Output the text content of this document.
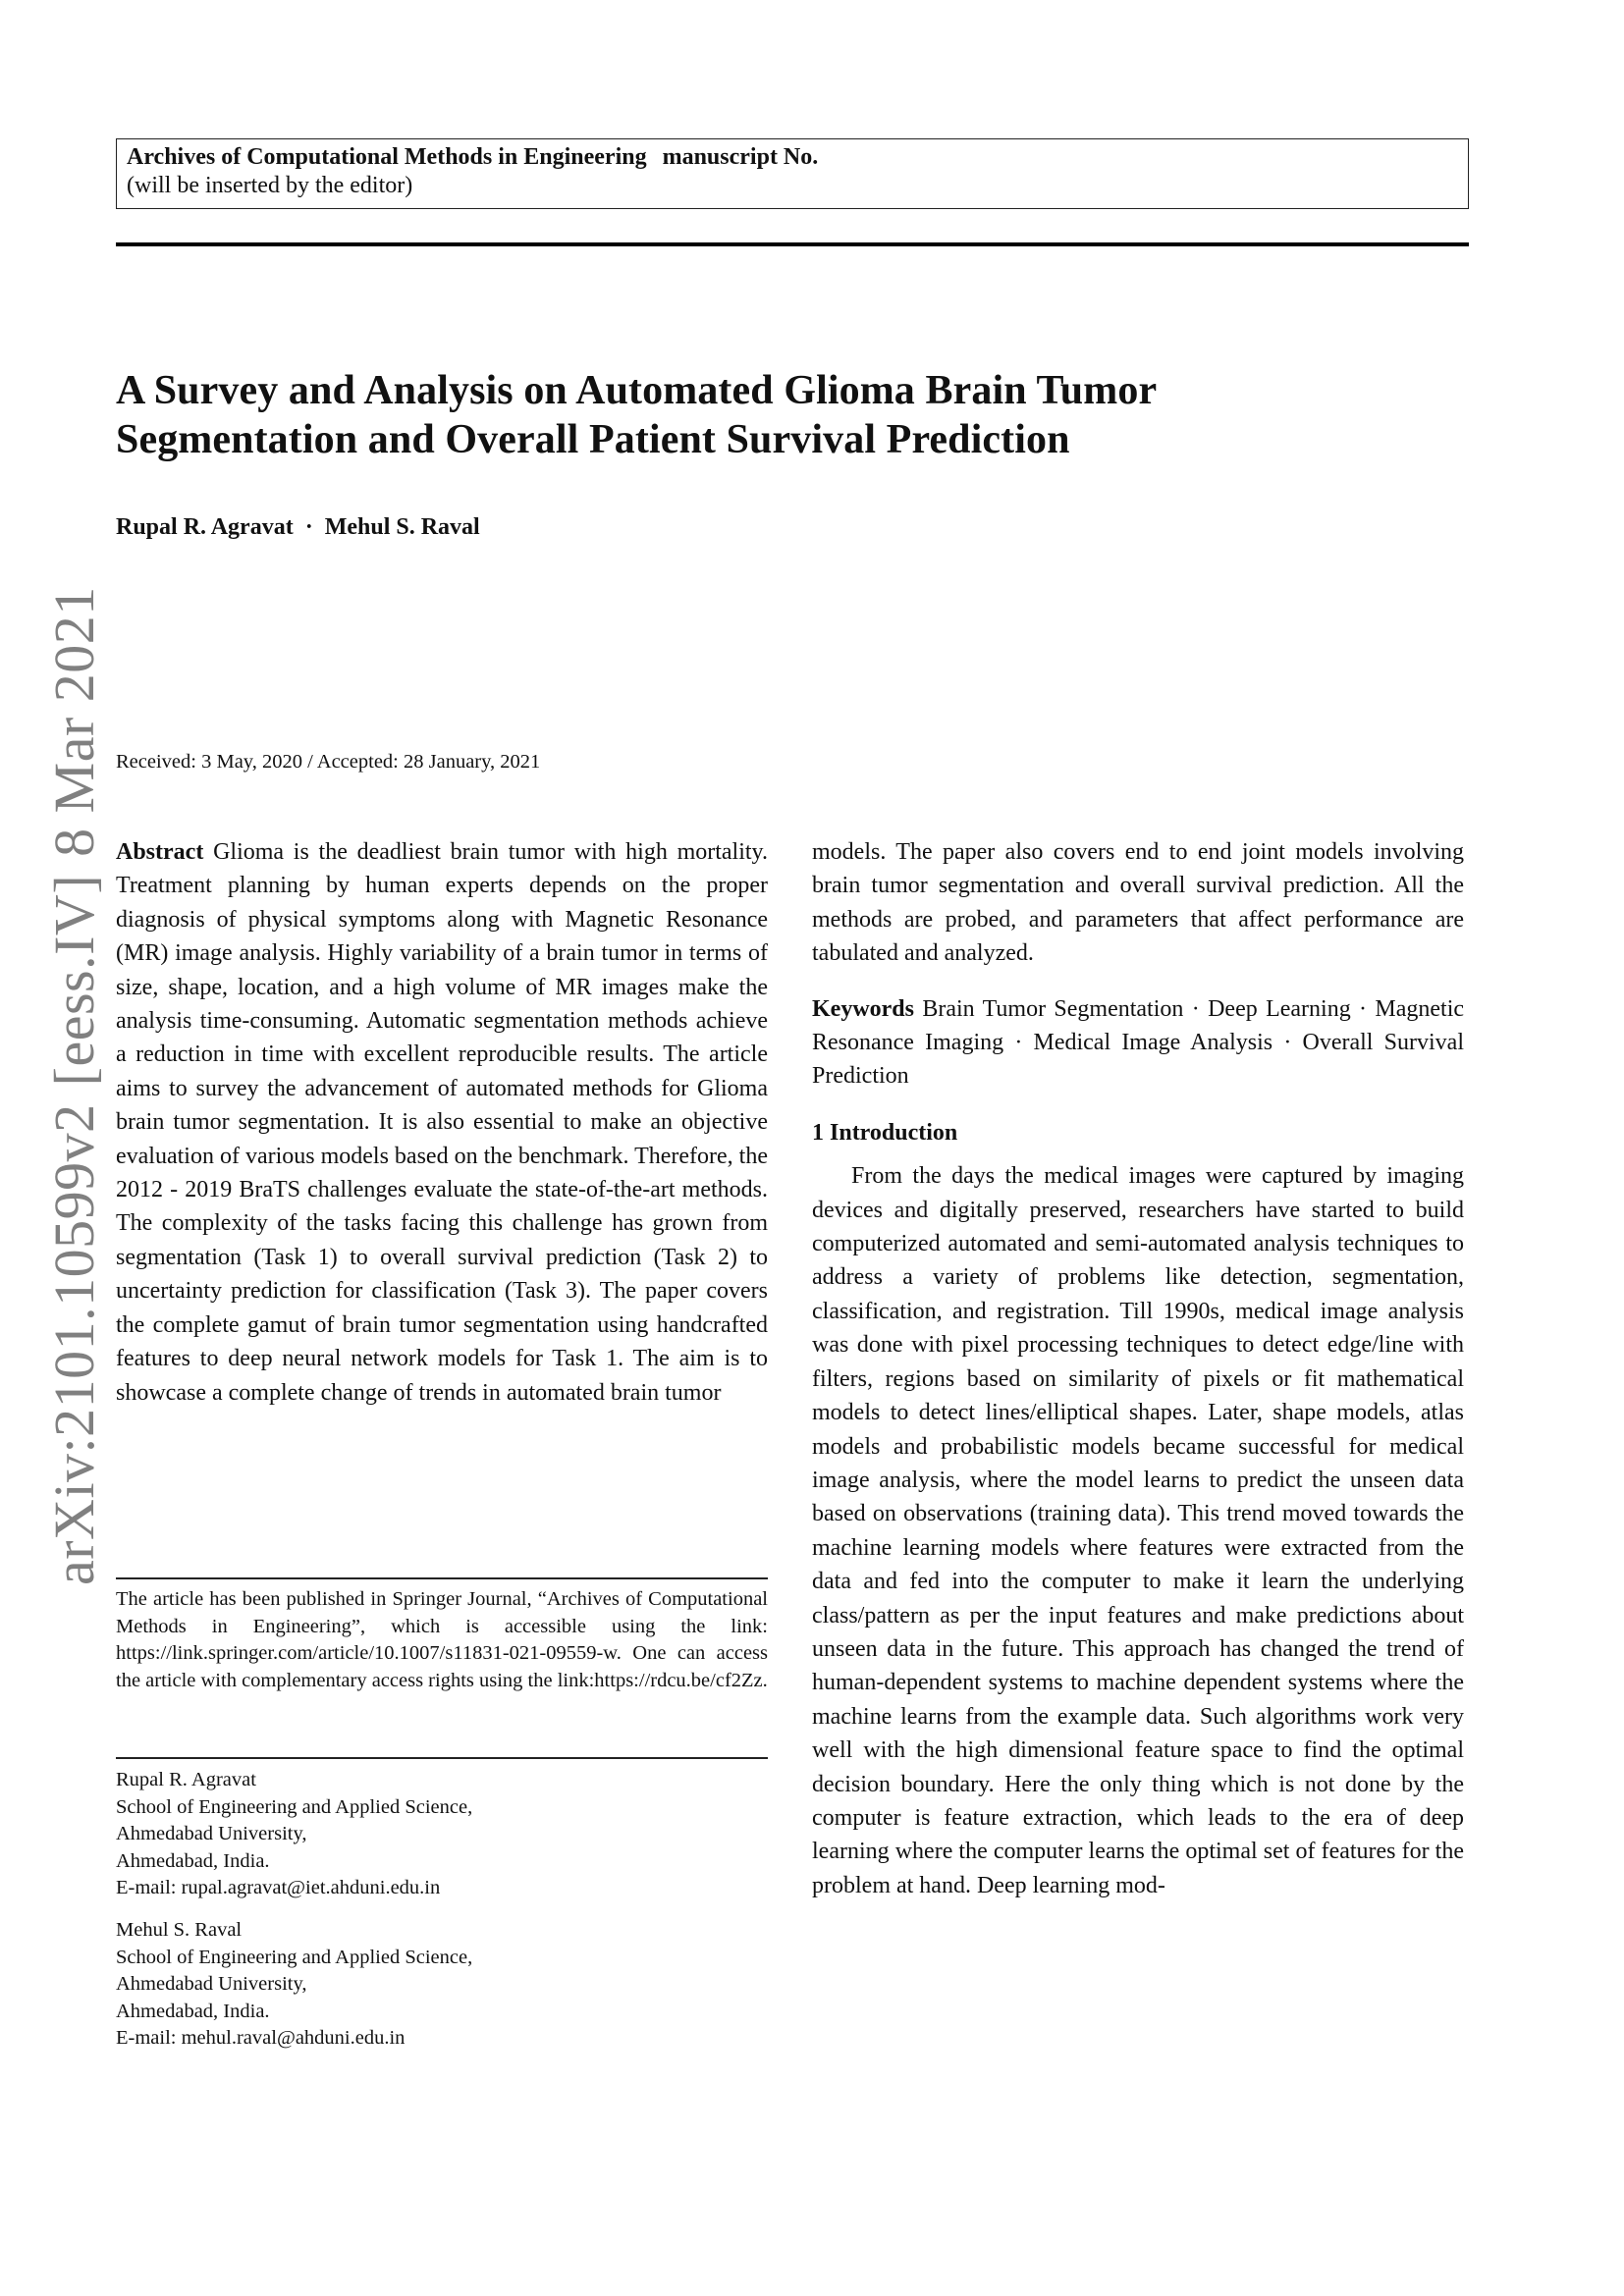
Archives of Computational Methods in Engineering manuscript No.
(will be inserted by the editor)
A Survey and Analysis on Automated Glioma Brain Tumor
Segmentation and Overall Patient Survival Prediction
Rupal R. Agravat · Mehul S. Raval
arXiv:2101.10599v2[eess.IV]8 Mar 2021 Received: 3 May, 2020 / Accepted: 28 January, 2021

Abstract Glioma is the deadliest brain tumor with high mortality. Treatment planning by human experts depends on the proper diagnosis of physical symptoms along with Magnetic Resonance (MR) image analysis. Highly variability of a brain tumor in terms of size, shape, location, and a high volume of MR images make the analysis time-consuming. Automatic segmentation methods achieve a reduction in time with excellent reproducible results. The article aims to survey the advancement of automated methods for Glioma brain tumor segmentation. It is also essential to make an objective evaluation of various models based on the benchmark. Therefore, the 2012 - 2019 BraTS challenges evaluate the state-of-the-art methods. The complexity of the tasks facing this challenge has grown from segmentation (Task 1) to overall survival prediction (Task 2) to uncertainty prediction for classification (Task 3). The paper covers the complete gamut of brain tumor segmentation using handcrafted features to deep neural network models for Task 1. The aim is to showcase a complete change of trends in automated brain tumor

The article has been published in Springer Journal, “Archives of Computational Methods in Engineering”, which is accessible using the link: https://link.springer.com/article/10.1007/s11831-021-09559-w. One can access the article with complementary access rights using the link:https://rdcu.be/cf2Zz.
Rupal R. Agravat
School of Engineering and Applied Science,
Ahmedabad University,
Ahmedabad, India.
E-mail: rupal.agravat@iet.ahduni.edu.in
Mehul S. Raval
School of Engineering and Applied Science,
Ahmedabad University,
Ahmedabad, India.
E-mail: mehul.raval@ahduni.edu.in

models. The paper also covers end to end joint models involving brain tumor segmentation and overall survival prediction. All the methods are probed, and parameters that affect performance are tabulated and analyzed.

Keywords Brain Tumor Segmentation · Deep Learning · Magnetic Resonance Imaging · Medical Image Analysis · Overall Survival Prediction

1 Introduction

From the days the medical images were captured by imaging devices and digitally preserved, researchers have started to build computerized automated and semi-automated analysis techniques to address a variety of problems like detection, segmentation, classification, and registration. Till 1990s, medical image analysis was done with pixel processing techniques to detect edge/line with filters, regions based on similarity of pixels or fit mathematical models to detect lines/elliptical shapes. Later, shape models, atlas models and probabilistic models became successful for medical image analysis, where the model learns to predict the unseen data based on observations (training data). This trend moved towards the machine learning models where features were extracted from the data and fed into the computer to make it learn the underlying class/pattern as per the input features and make predictions about unseen data in the future. This approach has changed the trend of human-dependent systems to machine dependent systems where the machine learns from the example data. Such algorithms work very well with the high dimensional feature space to find the optimal decision boundary. Here the only thing which is not done by the computer is feature extraction, which leads to the era of deep learning where the computer learns the optimal set of features for the problem at hand. Deep learning mod-
